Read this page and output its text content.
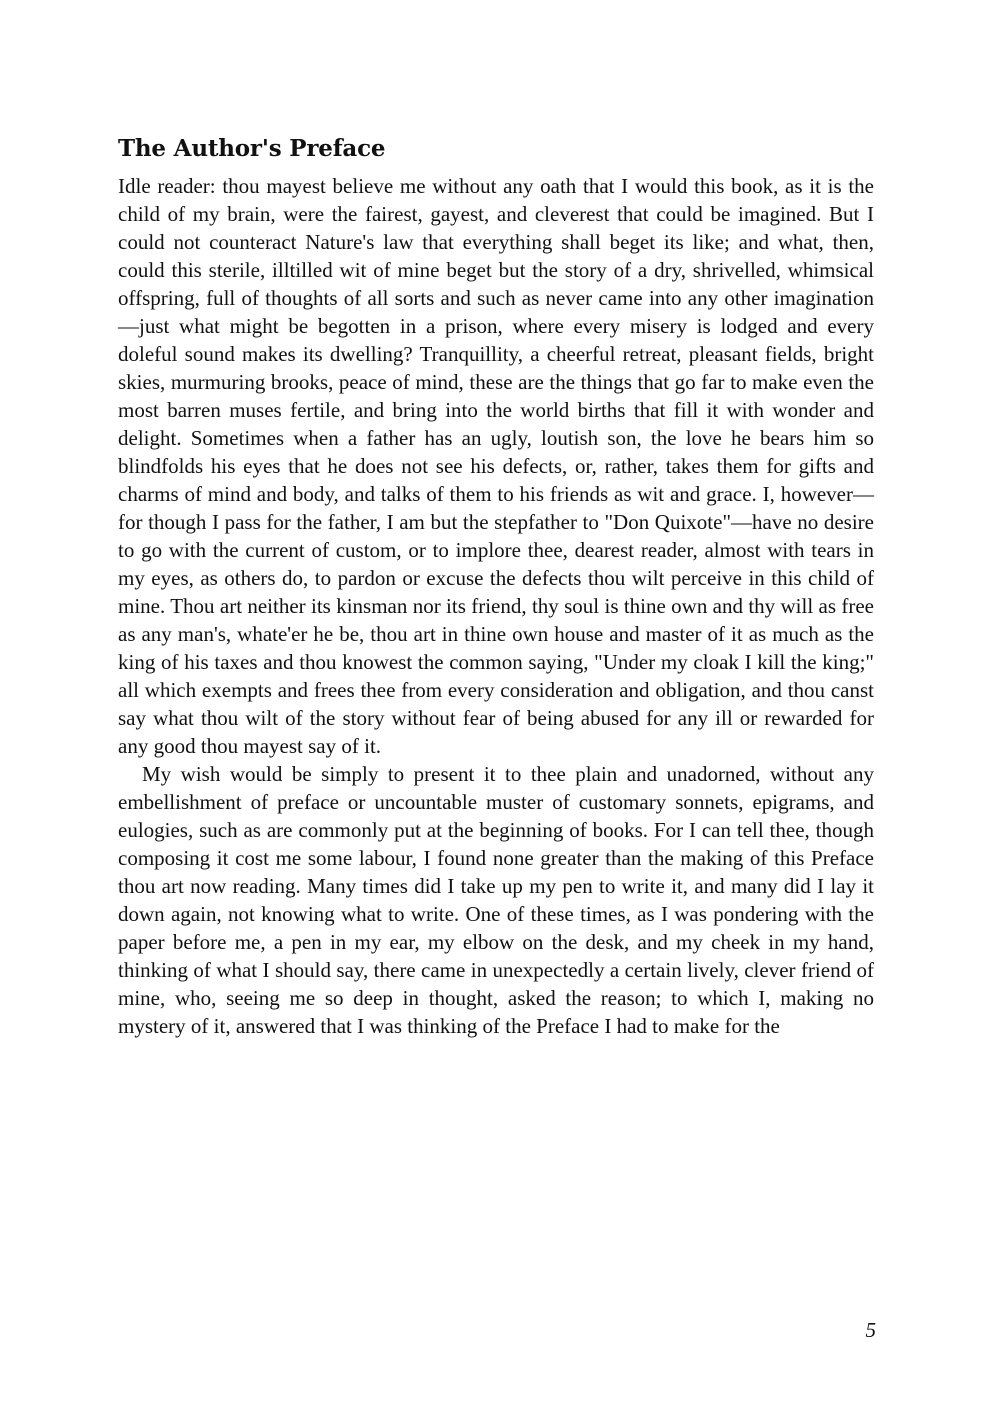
The Author's Preface

Idle reader: thou mayest believe me without any oath that I would this book, as it is the child of my brain, were the fairest, gayest, and cleverest that could be imagined. But I could not counteract Nature's law that everything shall beget its like; and what, then, could this sterile, illtilled wit of mine beget but the story of a dry, shrivelled, whimsical offspring, full of thoughts of all sorts and such as never came into any other imagination—just what might be begotten in a prison, where every misery is lodged and every doleful sound makes its dwelling? Tranquillity, a cheerful retreat, pleasant fields, bright skies, murmuring brooks, peace of mind, these are the things that go far to make even the most barren muses fertile, and bring into the world births that fill it with wonder and delight. Sometimes when a father has an ugly, loutish son, the love he bears him so blindfolds his eyes that he does not see his defects, or, rather, takes them for gifts and charms of mind and body, and talks of them to his friends as wit and grace. I, however—for though I pass for the father, I am but the stepfather to "Don Quixote"—have no desire to go with the current of custom, or to implore thee, dearest reader, almost with tears in my eyes, as others do, to pardon or excuse the defects thou wilt perceive in this child of mine. Thou art neither its kinsman nor its friend, thy soul is thine own and thy will as free as any man's, whate'er he be, thou art in thine own house and master of it as much as the king of his taxes and thou knowest the common saying, "Under my cloak I kill the king;" all which exempts and frees thee from every consideration and obligation, and thou canst say what thou wilt of the story without fear of being abused for any ill or rewarded for any good thou mayest say of it.

My wish would be simply to present it to thee plain and unadorned, without any embellishment of preface or uncountable muster of customary sonnets, epigrams, and eulogies, such as are commonly put at the beginning of books. For I can tell thee, though composing it cost me some labour, I found none greater than the making of this Preface thou art now reading. Many times did I take up my pen to write it, and many did I lay it down again, not knowing what to write. One of these times, as I was pondering with the paper before me, a pen in my ear, my elbow on the desk, and my cheek in my hand, thinking of what I should say, there came in unexpectedly a certain lively, clever friend of mine, who, seeing me so deep in thought, asked the reason; to which I, making no mystery of it, answered that I was thinking of the Preface I had to make for the

5
